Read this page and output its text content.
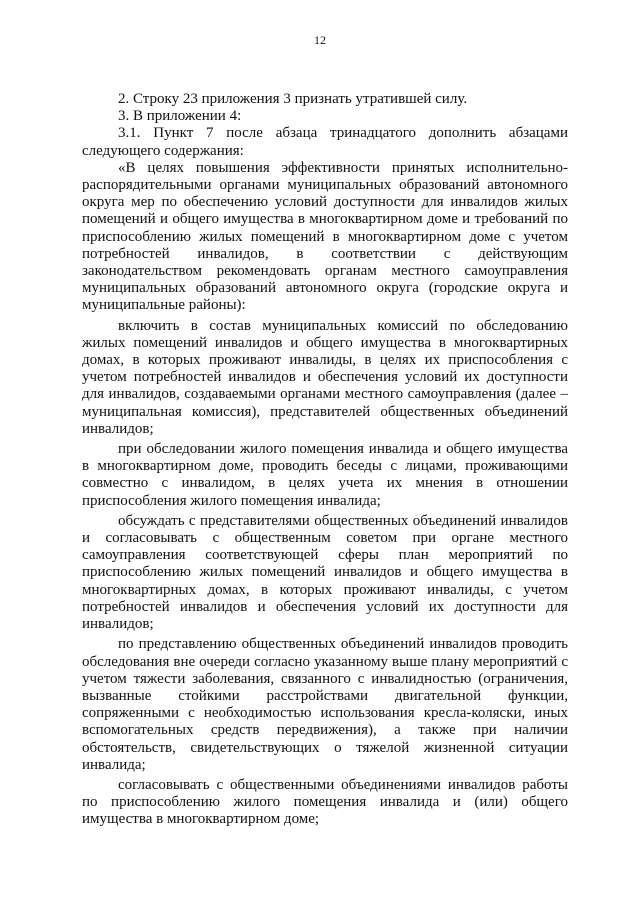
12

2. Строку 23 приложения 3 признать утратившей силу.

3. В приложении 4:

3.1. Пункт 7 после абзаца тринадцатого дополнить абзацами следующего содержания:

«В целях повышения эффективности принятых исполнительно-распорядительными органами муниципальных образований автономного округа мер по обеспечению условий доступности для инвалидов жилых помещений и общего имущества в многоквартирном доме и требований по приспособлению жилых помещений в многоквартирном доме с учетом потребностей инвалидов, в соответствии с действующим законодательством рекомендовать органам местного самоуправления муниципальных образований автономного округа (городские округа и муниципальные районы):

включить в состав муниципальных комиссий по обследованию жилых помещений инвалидов и общего имущества в многоквартирных домах, в которых проживают инвалиды, в целях их приспособления с учетом потребностей инвалидов и обеспечения условий их доступности для инвалидов, создаваемыми органами местного самоуправления (далее – муниципальная комиссия), представителей общественных объединений инвалидов;

при обследовании жилого помещения инвалида и общего имущества в многоквартирном доме, проводить беседы с лицами, проживающими совместно с инвалидом, в целях учета их мнения в отношении приспособления жилого помещения инвалида;

обсуждать с представителями общественных объединений инвалидов и согласовывать с общественным советом при органе местного самоуправления соответствующей сферы план мероприятий по приспособлению жилых помещений инвалидов и общего имущества в многоквартирных домах, в которых проживают инвалиды, с учетом потребностей инвалидов и обеспечения условий их доступности для инвалидов;

по представлению общественных объединений инвалидов проводить обследования вне очереди согласно указанному выше плану мероприятий с учетом тяжести заболевания, связанного с инвалидностью (ограничения, вызванные стойкими расстройствами двигательной функции, сопряженными с необходимостью использования кресла-коляски, иных вспомогательных средств передвижения), а также при наличии обстоятельств, свидетельствующих о тяжелой жизненной ситуации инвалида;

согласовывать с общественными объединениями инвалидов работы по приспособлению жилого помещения инвалида и (или) общего имущества в многоквартирном доме;
